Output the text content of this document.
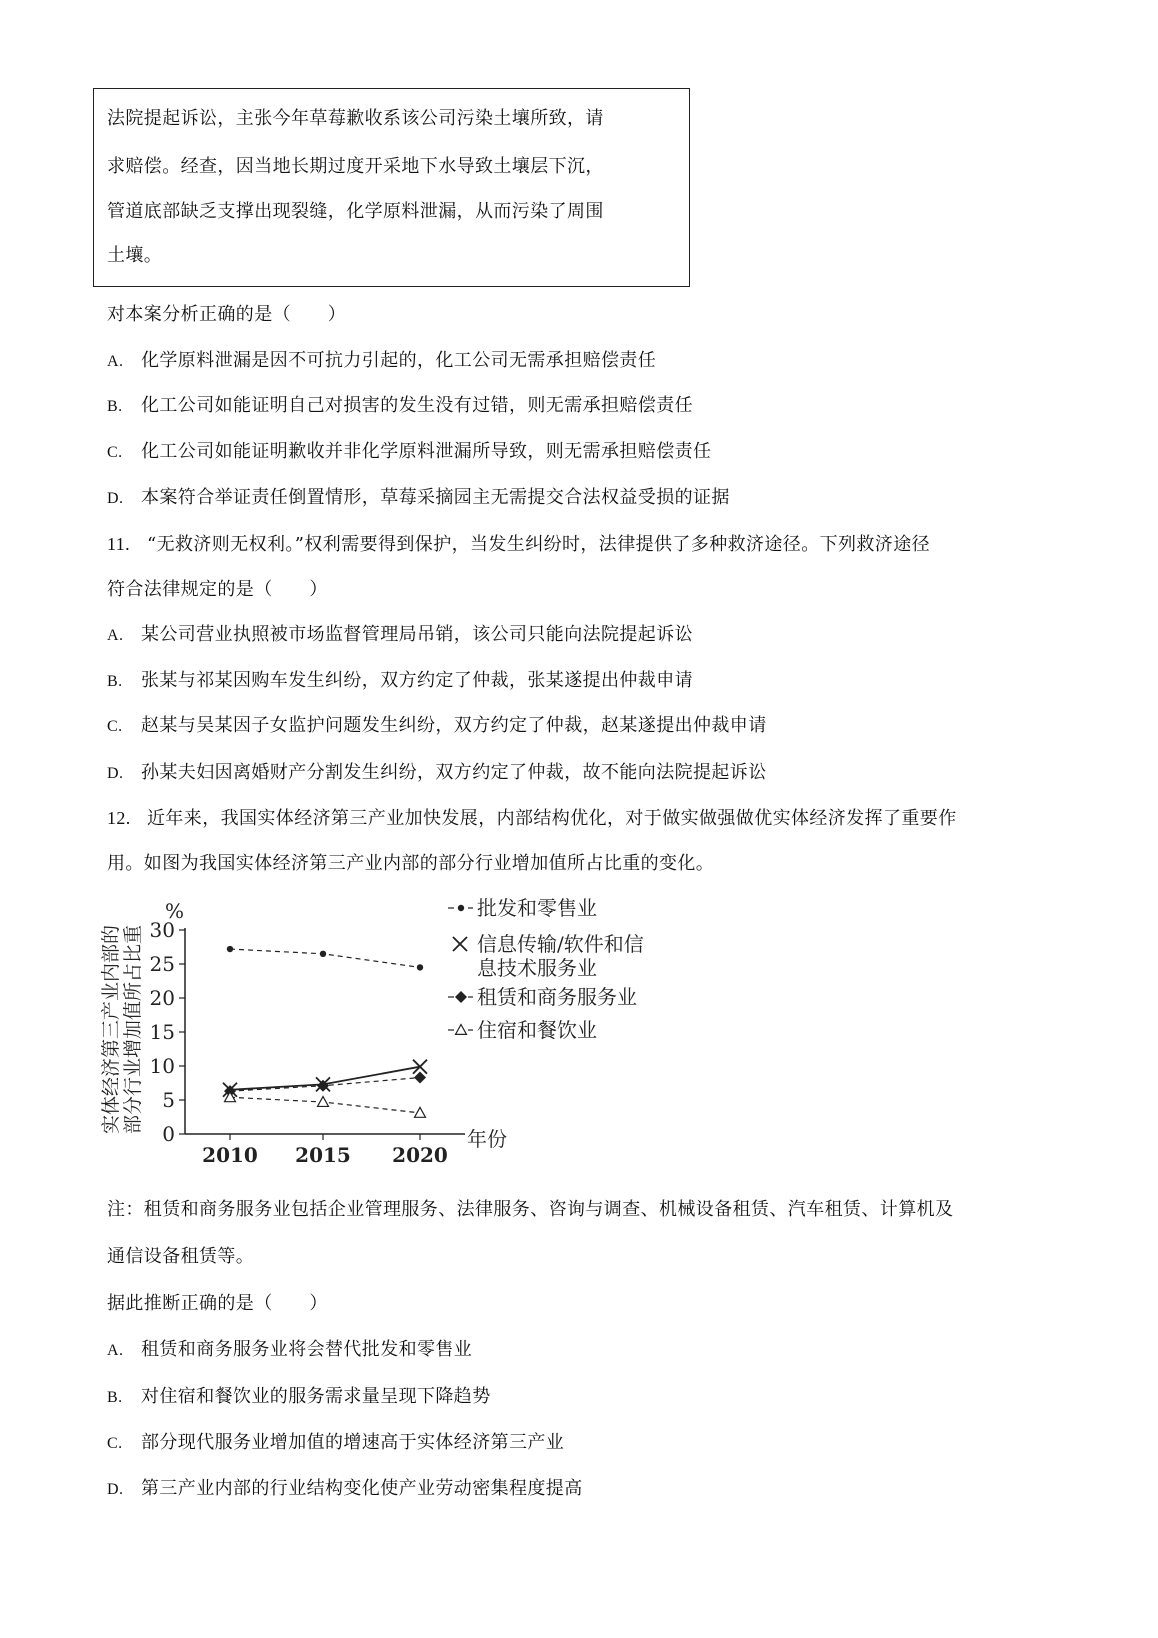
法院提起诉讼，主张今年草莓歉收系该公司污染土壤所致，请
求赔偿。经查，因当地长期过度开采地下水导致土壤层下沉，
管道底部缺乏支撑出现裂缝，化学原料泄漏，从而污染了周围
土壤。
对本案分析正确的是（　　）
A. 化学原料泄漏是因不可抗力引起的，化工公司无需承担赔偿责任
B. 化工公司如能证明自己对损害的发生没有过错，则无需承担赔偿责任
C. 化工公司如能证明歉收并非化学原料泄漏所导致，则无需承担赔偿责任
D. 本案符合举证责任倒置情形，草莓采摘园主无需提交合法权益受损的证据
11. “无救济则无权利。”权利需要得到保护，当发生纠纷时，法律提供了多种救济途径。下列救济途径
符合法律规定的是（　　）
A. 某公司营业执照被市场监督管理局吊销，该公司只能向法院提起诉讼
B. 张某与祁某因购车发生纠纷，双方约定了仲裁，张某遂提出仲裁申请
C. 赵某与吴某因子女监护问题发生纠纷，双方约定了仲裁，赵某遂提出仲裁申请
D. 孙某夫妇因离婚财产分割发生纠纷，双方约定了仲裁，故不能向法院提起诉讼
12. 近年来，我国实体经济第三产业加快发展，内部结构优化，对于做实做强做优实体经济发挥了重要作
用。如图为我国实体经济第三产业内部的部分行业增加值所占比重的变化。
0
5
10
15
20
25
30
2010 2015 2020
批发和零售业
信息传输/软件和信
息技术服务业
租赁和商务服务业
住宿和餐饮业
实体经济第三产业内部的 部分行业增加值所占比重
%
年份
注：租赁和商务服务业包括企业管理服务、法律服务、咨询与调查、机械设备租赁、汽车租赁、计算机及
通信设备租赁等。
据此推断正确的是（　　）
A. 租赁和商务服务业将会替代批发和零售业
B. 对住宿和餐饮业的服务需求量呈现下降趋势
C. 部分现代服务业增加值的增速高于实体经济第三产业
D. 第三产业内部的行业结构变化使产业劳动密集程度提高
